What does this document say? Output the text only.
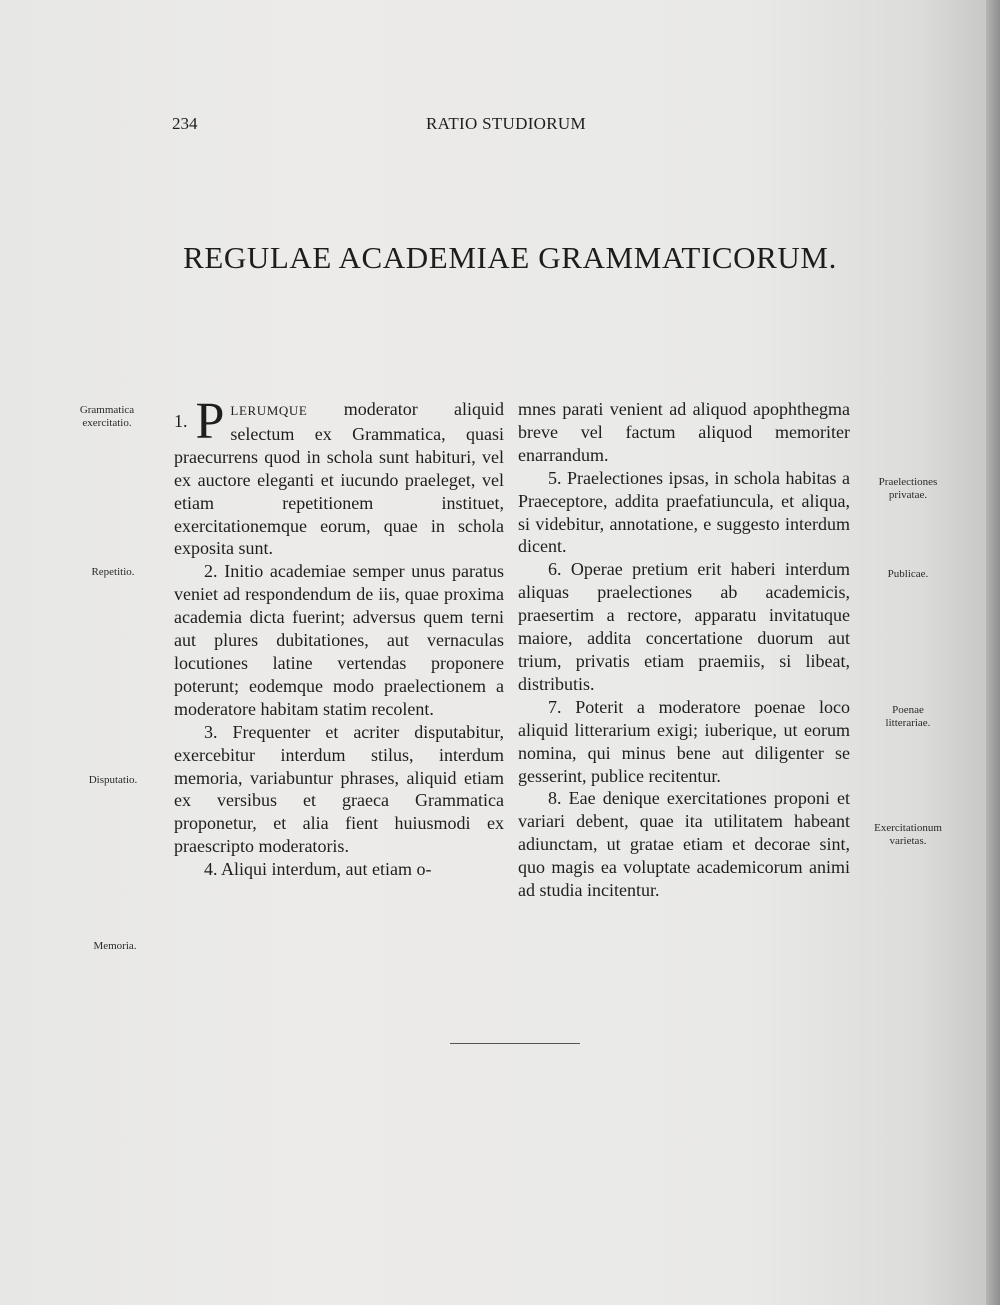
234	RATIO STUDIORUM
REGULAE ACADEMIAE GRAMMATICORUM.
Grammatica
exercitatio.
Repetitio.
Disputatio.
Memoria.
Praelectiones
privatae.
Publicae.
Poenae
litterariae.
Exercitationum
varietas.

1. P LERUMQUE moderator aliquid selectum ex Grammatica, quasi praecurrens quod in schola sunt habituri, vel ex auctore eleganti et iucundo praeleget, vel etiam repetitionem instituet, exercitationemque eorum, quae in schola exposita sunt.

2. Initio academiae semper unus paratus veniet ad respondendum de iis, quae proxima academia dicta fuerint; adversus quem terni aut plures dubitationes, aut vernaculas locutiones latine vertendas proponere poterunt; eodemque modo praelectionem a moderatore habitam statim recolent.

3. Frequenter et acriter disputabitur, exercebitur interdum stilus, interdum memoria, variabuntur phrases, aliquid etiam ex versibus et graeca Grammatica proponetur, et alia fient huiusmodi ex praescripto moderatoris.

4. Aliqui interdum, aut etiam o-

mnes parati venient ad aliquod apophthegma breve vel factum aliquod memoriter enarrandum.

5. Praelectiones ipsas, in schola habitas a Praeceptore, addita praefatiuncula, et aliqua, si videbitur, annotatione, e suggesto interdum dicent.

6. Operae pretium erit haberi interdum aliquas praelectiones ab academicis, praesertim a rectore, apparatu invitatuque maiore, addita concertatione duorum aut trium, privatis etiam praemiis, si libeat, distributis.

7. Poterit a moderatore poenae loco aliquid litterarium exigi; iuberique, ut eorum nomina, qui minus bene aut diligenter se gesserint, publice recitentur.

8. Eae denique exercitationes proponi et variari debent, quae ita utilitatem habeant adiunctam, ut gratae etiam et decorae sint, quo magis ea voluptate academicorum animi ad studia incitentur.
